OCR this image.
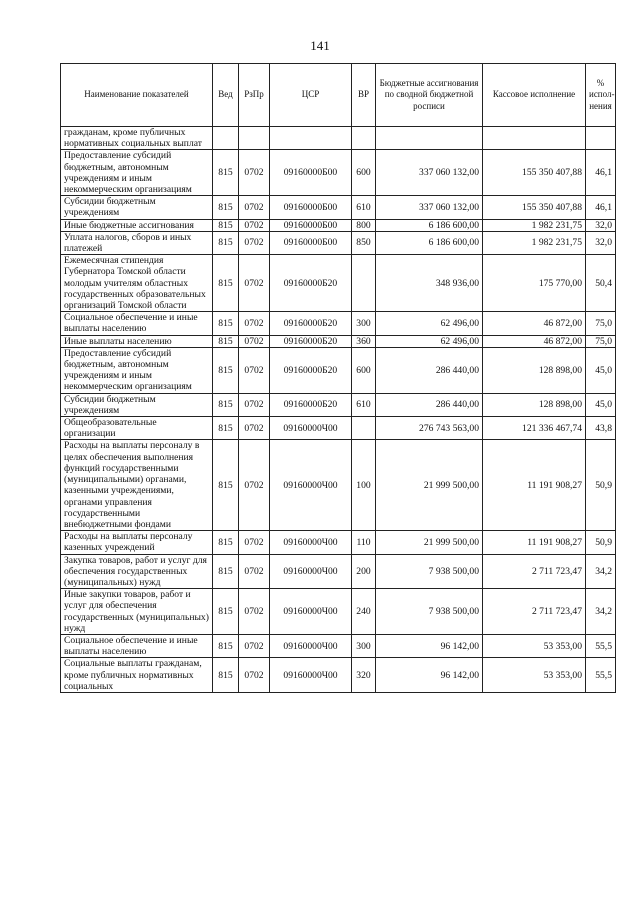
141
Наименование показателей	Вед	РзПр	ЦСР	ВР	Бюджетные ассигнования по сводной бюджетной росписи	Кассовое исполнение	% испол-нения
гражданам, кроме публичных нормативных социальных выплат							
Предоставление субсидий бюджетным, автономным учреждениям и иным некоммерческим организациям	815	0702	09160000Б00	600	337 060 132,00	155 350 407,88	46,1
Субсидии бюджетным учреждениям	815	0702	09160000Б00	610	337 060 132,00	155 350 407,88	46,1
Иные бюджетные ассигнования	815	0702	09160000Б00	800	6 186 600,00	1 982 231,75	32,0
Уплата налогов, сборов и иных платежей	815	0702	09160000Б00	850	6 186 600,00	1 982 231,75	32,0
Ежемесячная стипендия Губернатора Томской области молодым учителям областных государственных образовательных организаций Томской области	815	0702	09160000Б20		348 936,00	175 770,00	50,4
Социальное обеспечение и иные выплаты населению	815	0702	09160000Б20	300	62 496,00	46 872,00	75,0
Иные выплаты населению	815	0702	09160000Б20	360	62 496,00	46 872,00	75,0
Предоставление субсидий бюджетным, автономным учреждениям и иным некоммерческим организациям	815	0702	09160000Б20	600	286 440,00	128 898,00	45,0
Субсидии бюджетным учреждениям	815	0702	09160000Б20	610	286 440,00	128 898,00	45,0
Общеобразовательные организации	815	0702	09160000Ч00		276 743 563,00	121 336 467,74	43,8
Расходы на выплаты персоналу в целях обеспечения выполнения функций государственными (муниципальными) органами, казенными учреждениями, органами управления государственными внебюджетными фондами	815	0702	09160000Ч00	100	21 999 500,00	11 191 908,27	50,9
Расходы на выплаты персоналу казенных учреждений	815	0702	09160000Ч00	110	21 999 500,00	11 191 908,27	50,9
Закупка товаров, работ и услуг для обеспечения государственных (муниципальных) нужд	815	0702	09160000Ч00	200	7 938 500,00	2 711 723,47	34,2
Иные закупки товаров, работ и услуг для обеспечения государственных (муниципальных) нужд	815	0702	09160000Ч00	240	7 938 500,00	2 711 723,47	34,2
Социальное обеспечение и иные выплаты населению	815	0702	09160000Ч00	300	96 142,00	53 353,00	55,5
Социальные выплаты гражданам, кроме публичных нормативных социальных	815	0702	09160000Ч00	320	96 142,00	53 353,00	55,5
